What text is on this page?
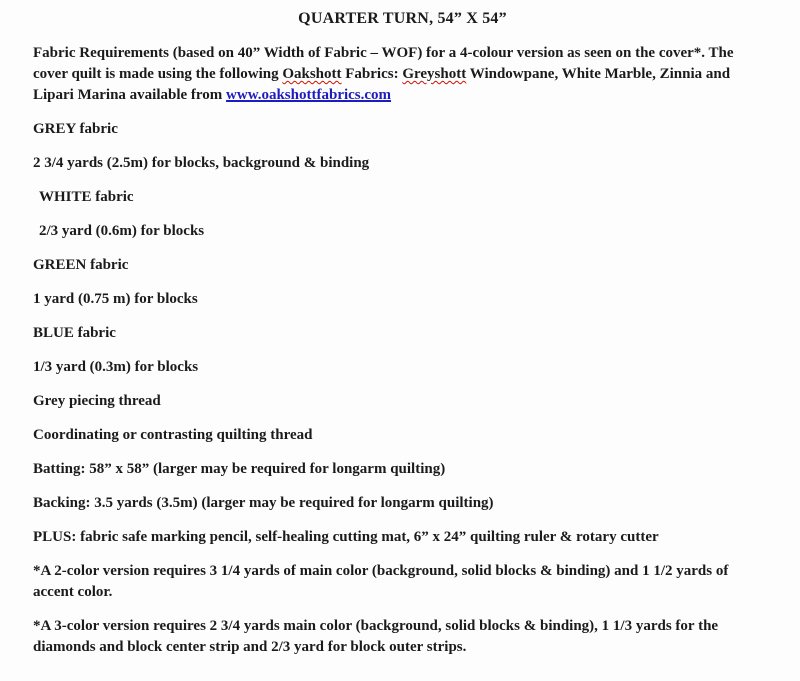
QUARTER TURN, 54” X 54”

Fabric Requirements (based on 40” Width of Fabric – WOF) for a 4-colour version as seen on the cover*. The
cover quilt is made using the following Oakshott Fabrics: Greyshott Windowpane, White Marble, Zinnia and
Lipari Marina available from www.oakshottfabrics.com

GREY fabric

2 3/4 yards (2.5m) for blocks, background & binding

WHITE fabric

2/3 yard (0.6m) for blocks

GREEN fabric

1 yard (0.75 m) for blocks

BLUE fabric

1/3 yard (0.3m) for blocks

Grey piecing thread

Coordinating or contrasting quilting thread

Batting: 58” x 58” (larger may be required for longarm quilting)

Backing: 3.5 yards (3.5m) (larger may be required for longarm quilting)

PLUS: fabric safe marking pencil, self-healing cutting mat, 6” x 24” quilting ruler & rotary cutter

*A 2-color version requires 3 1/4 yards of main color (background, solid blocks & binding) and 1 1/2 yards of accent color.

*A 3-color version requires 2 3/4 yards main color (background, solid blocks & binding), 1 1/3 yards for the diamonds and block center strip and 2/3 yard for block outer strips.
